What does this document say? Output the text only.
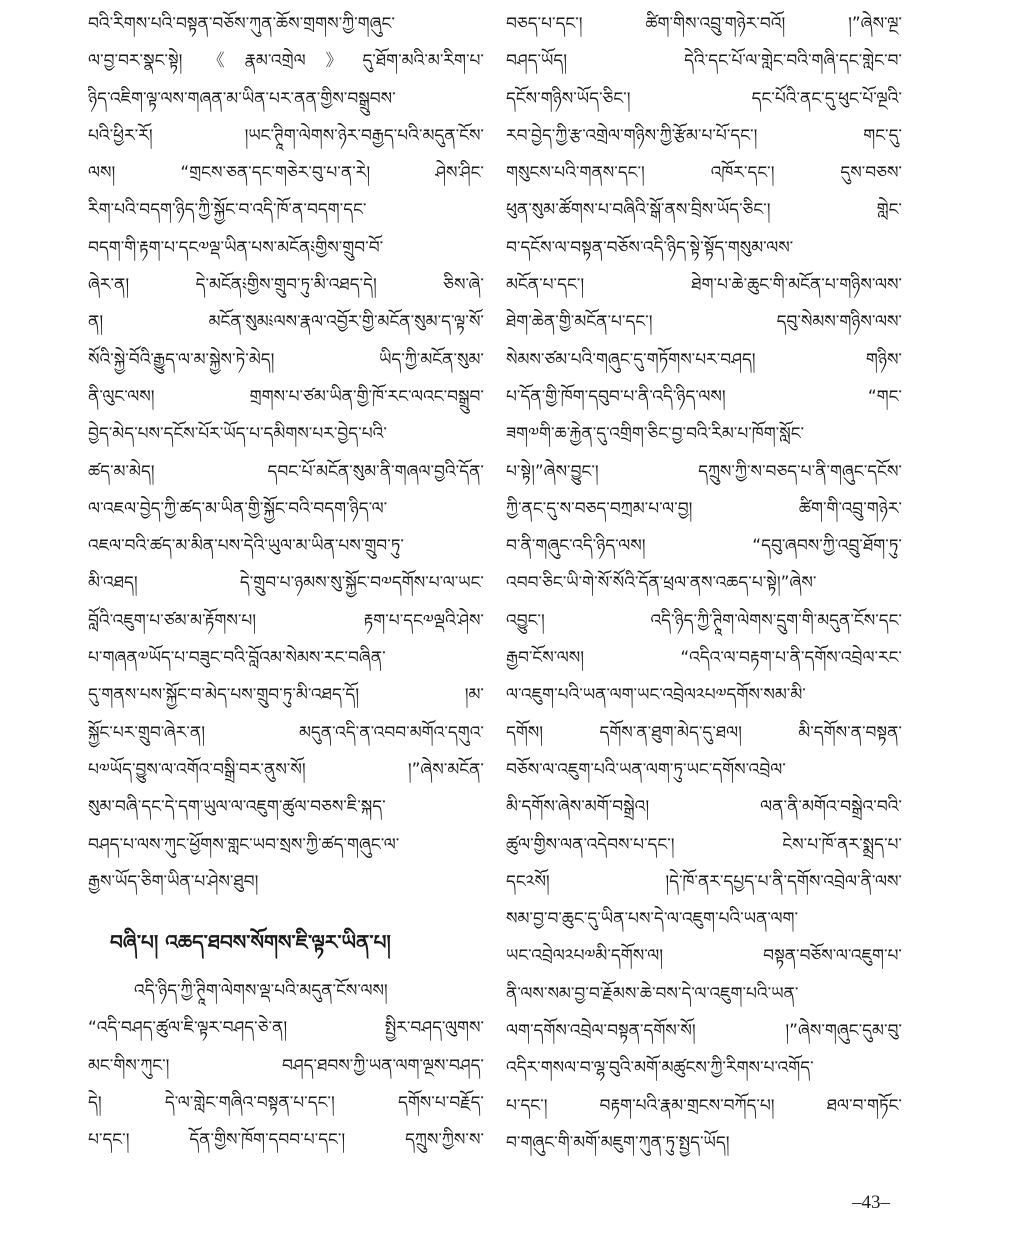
བའི་རིགས་པའི་བསྟན་བཅོས་ཀུན་ཆོས་གྲགས་ཀྱི་གཞུང་
ལ་བྱ་བར་སྣང་སྟེ། 《རྣམ་འགྲེལ》དུ་ཐོག་མའི་མ་རིག་པ་
ཉིད་འཇིག་ལྟ་ལས་གཞན་མ་ཡིན་པར་ནན་གྱིས་བསྒྲུབས་
པའི་ཕྱིར་རོ། །ཡང་ཊཱིག་ལེགས་ཉེར་བརྒྱད་པའི་མདུན་ངོས་
ལས། “གྲངས་ཅན་དང་གཅེར་བུ་པ་ན་རེ། ཤེས་ཤིང་
རིག་པའི་བདག་ཉིད་ཀྱི་སྐྱོང་བ་འདི་ཁོ་ན་བདག་དང་
བདག་གི་རྟག་པ་དང༧ལྡ་ཡིན་པས་མངོན༴གྱིས་གྲུབ་བོ་
ཞེར་ན། དེ་མངོན༴གྱིས་གྲུབ་ཏུ་མི་འཐད་དེ། ཅིས་ཞེ་
ན། མངོན་སུམ༴ལས་རྣལ་འབྱོར་གྱི་མངོན་སུམ་ད་ལྟ་སོ་
སོའི་སྐྱེ་བོའི་རྒྱུད་ལ་མ་སྐྱེས་ཏེ་མེད། ཡིད་ཀྱི་མངོན་སུམ་
ནི་ལུང་ལས། གྲགས་པ་ཙམ་ཡིན་གྱི་ཁོ་རང་ལའང་བསྒྲུབ་
བྱེད་མེད་པས་དངོས་པོར་ཡོད་པ་དམིགས་པར་བྱེད་པའི་
ཚད་མ་མེད། དབང་པོ་མངོན་སུམ་ནི་གཞལ་བྱའི་དོན་
ལ་འཇལ་བྱེད་ཀྱི་ཚད་མ་ཡིན་གྱི་སྐྱོང་བའི་བདག་ཉིད་ལ་
འཇལ་བའི་ཚད་མ་མིན་པས་དེའི་ཡུལ་མ་ཡིན་པས་གྲུབ་ཏུ་
མི་འཐད། དེ་གྲུབ་པ་ཉམས་སུ་སྐྱོང་བ༧དགོས་པ་ལ་ཡང་
བློའི་འཇུག་པ་ཙམ་མ་རྟོགས་པ། རྟག་པ་དང༧ལྡའི་ཤེས་
པ་གཞན༧ཡོད་པ་བཟུང་བའི་བློའམ་སེམས་རང་བཞིན་
དུ་གནས་པས་སྐྱོང་བ་མེད་པས་གྲུབ་ཏུ་མི་འཐད་དོ། །མ་
སྐྱོང་པར་གྲུབ་ཞེར་ན། མདུན་འདི་ན་འབབ་མགོའ་དགུའ་
པ༧ཡོད་བྱུས་ལ་འགོའ་བསྒྲི་བར་ནུས་སོ། །”ཞེས་མངོན་
སུམ་བཞི་དང་དེ་དག་ཡུལ་ལ་འཇུག་ཚུལ་བཅས་ཇི་སྐད་
བཤད་པ་ལས་ཀུང་ཕྱོགས་གླང་ཡབ་སྲས་ཀྱི་ཚད་གཞུང་ལ་
རྒྱས་ཡོད་ཅིག་ཡིན་པ་ཤེས་ཐུབ།
བཞི་པ། འཆད་ཐབས་སོགས་ཇི་ལྟར་ཡིན་པ།
འདི་ཉིད་ཀྱི་ཊཱིག་ལེགས་ལྡ་པའི་མདུན་ངོས་ལས།
“འདི་བཤད་ཚུལ་ཇི་ལྟར་བཤད་ཅེ་ན། སྤྱིར་བཤད་ལུགས་
མང་གིས་ཀུང་། བཤད་ཐབས་ཀྱི་ཡན་ལག་ལྔས་བཤད་
དེ། དེ་ལ་གླེང་གཞིའ་བསྟན་པ་དང་། དགོས་པ་བརྗོད་
པ་དང་། དོན་གྱིས་ཁོག་དབབ་པ་དང་། དཀྲུས་ཀྱིས་ས་
བཅད་པ་དང་། ཚིག་གིས་འབྲུ་གཉེར་བའོ། །”ཞེས་ལྔ་
བཤད་ཡོད། དེའི་དང་པོ་ལ་གླེང་བའི་གཞི་དང་གླེང་བ་
དངོས་གཉིས་ཡོད་ཅིང་། དང་པོའི་ནང་དུ་ཕུང་པོ་ལྔའི་
རབ་བྱེད་ཀྱི་རྩ་འགྲེལ་གཉིས་ཀྱི་རྩོམ་པ་པོ་དང་། གང་དུ་
གསུངས་པའི་གནས་དང་། འཁོར་དང་། དུས་བཅས་
ཕུན་སུམ་ཚོགས་པ་བཞིའི་སྒོ་ནས་བྲིས་ཡོད་ཅིང་། གླེང་
བ་དངོས་ལ་བསྟན་བཅོས་འདི་ཉིད་སྟེ་སྟོད་གསུམ་ལས་
མངོན་པ་དང་། ཐེག་པ་ཆེ་ཆུང་གི་མངོན་པ་གཉིས་ལས་
ཐེག་ཆེན་གྱི་མངོན་པ་དང་། དབུ་སེམས་གཉིས་ལས་
སེམས་ཙམ་པའི་གཞུང་དུ་གཏོགས་པར་བཤད། གཉིས་
པ་དོན་གྱི་ཁོག་དབུབ་པ་ནི་འདི་ཉིད་ལས། “གང་
ཟག༧གི་ཆ་རྐྱེན་དུ་འགྲིག་ཅིང་བྱ་བའི་རིམ་པ་ཁོག་སློང་
པ་སྟེ།”ཞེས་བྱུང་། དཀྲུས་ཀྱི་ས་བཅད་པ་ནི་གཞུང་དངོས་
ཀྱི་ནང་དུ་ས་བཅད་བཀྲམ་པ་ལ་བྱ། ཚིག་གི་འབྲུ་གཉེར་
བ་ནི་གཞུང་འདི་ཉིད་ལས། “དབུ་ཞབས་ཀྱི་འབྲུ་ཐོག་ཏུ་
འབབ་ཅིང་ཡི་གེ་སོ་སོའི་དོན་ཕྲལ་ནས་འཆད་པ་སྟེ།”ཞེས་
འབྱུང་། འདི་ཉིད་ཀྱི་ཊཱིག་ལེགས་དྲུག་གི་མདུན་ངོས་དང་
རྒྱབ་ངོས་ལས། “འདིའ་ལ་བརྟག་པ་ནི་དགོས་འབྲེལ་རང་
ལ་འཇུག་པའི་ཡན་ལག་ཡང་འབྲེལ༢པ༧དགོས་སམ་མི་
དགོས། དགོས་ན་ཐུག་མེད་དུ་ཐལ། མི་དགོས་ན་བསྟན་
བཅོས་ལ་འཇུག་པའི་ཡན་ལག་ཏུ་ཡང་དགོས་འབྲེལ་
མི་དགོས་ཞེས་མགོ་བསྒྲེའ། ལན་ནི་མགོའ་བསྒྲེའ་བའི་
ཚུལ་གྱིས་ལན་འདེབས་པ་དང་། ངེས་པ་ཁོ་ནར་སྨྲད་པ་
དང༢སོ། །དེ་ཁོ་ནར་དཔྱད་པ་ནི་དགོས་འབྲེལ་ནི་ལས་
སམ་བྱ་བ་ཆུང་དུ་ཡིན་པས་དེ་ལ་འཇུག་པའི་ཡན་ལག་
ཡང་འབྲེལ༢པ༧མི་དགོས་ལ། བསྟན་བཅོས་ལ་འཇུག་པ་
ནི་ལས་སམ་བྱ་བ་རྗོམས་ཆེ་བས་དེ་ལ་འཇུག་པའི་ཡན་
ལག་དགོས་འབྲེལ་བསྟན་དགོས་སོ། །”ཞེས་གཞུང་དུམ་བུ་
འདིར་གསལ་བ་ལྷ་བུའི་མགོ་མཚུངས་ཀྱི་རིགས་པ་འགོད་
པ་དང་། བརྟག་པའི་རྣམ་གྲངས་བཀོད་པ། ཐལ་བ་གཏོང་
བ་གཞུང་གི་མགོ་མཇུག་ཀུན་ཏུ་སྤྱད་ཡོད།
–43–
